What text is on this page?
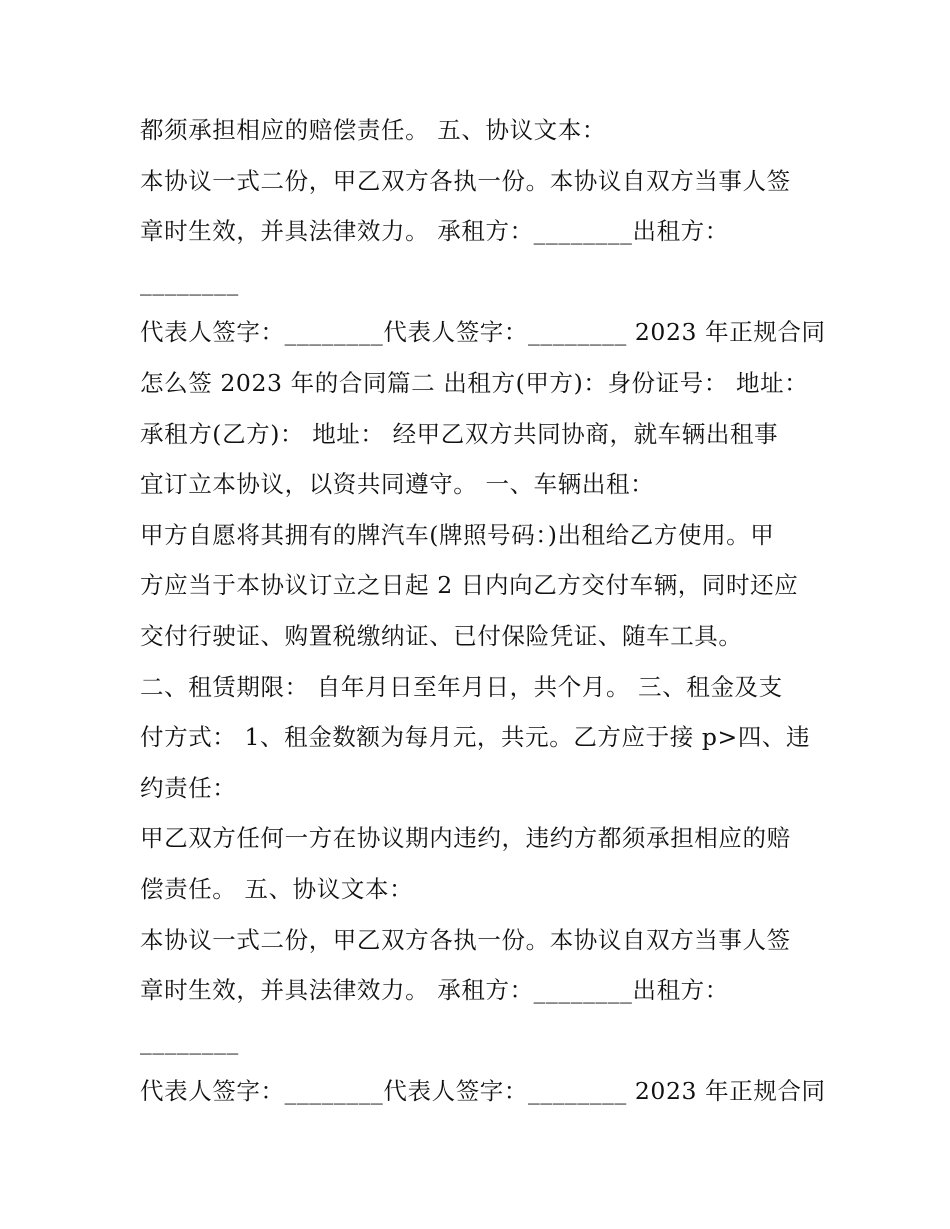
都须承担相应的赔偿责任。 五、协议文本：
本协议一式二份，甲乙双方各执一份。本协议自双方当事人签
章时生效，并具法律效力。 承租方：________出租方：
________
代表人签字：________代表人签字：________ 2023 年正规合同
怎么签 2023 年的合同篇二 出租方(甲方)：身份证号： 地址：
承租方(乙方)： 地址： 经甲乙双方共同协商，就车辆出租事
宜订立本协议，以资共同遵守。 一、车辆出租：
甲方自愿将其拥有的牌汽车(牌照号码：)出租给乙方使用。甲
方应当于本协议订立之日起 2 日内向乙方交付车辆，同时还应
交付行驶证、购置税缴纳证、已付保险凭证、随车工具。
二、租赁期限： 自年月日至年月日，共个月。 三、租金及支
付方式： 1、租金数额为每月元，共元。乙方应于接 p>四、违
约责任：
甲乙双方任何一方在协议期内违约，违约方都须承担相应的赔
偿责任。 五、协议文本：
本协议一式二份，甲乙双方各执一份。本协议自双方当事人签
章时生效，并具法律效力。 承租方：________出租方：
________
代表人签字：________代表人签字：________ 2023 年正规合同
